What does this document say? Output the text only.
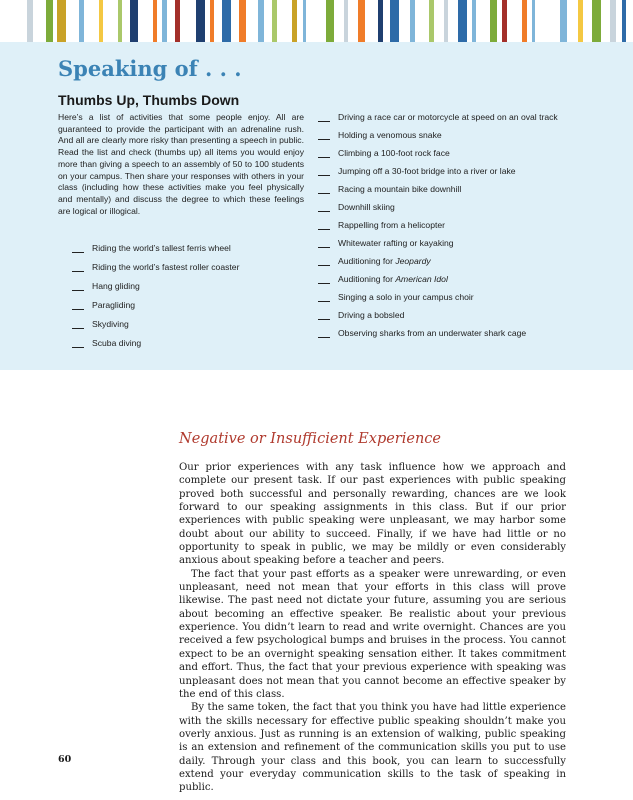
Speaking of . . .
Thumbs Up, Thumbs Down

Here’s a list of activities that some people enjoy. All are guaranteed to provide the participant with an adrenaline rush. And all are clearly more risky than presenting a speech in public. Read the list and check (thumbs up) all items you would enjoy more than giving a speech to an assembly of 50 to 100 students on your campus. Then share your responses with others in your class (including how these activities make you feel physically and mentally) and discuss the degree to which these feelings are logical or illogical.

Riding the world’s tallest ferris wheel
Riding the world’s fastest roller coaster
Hang gliding
Paragliding
Skydiving
Scuba diving
Driving a race car or motorcycle at speed on an oval track
Holding a venomous snake
Climbing a 100-foot rock face
Jumping off a 30-foot bridge into a river or lake
Racing a mountain bike downhill
Downhill skiing
Rappelling from a helicopter
Whitewater rafting or kayaking
Auditioning for Jeopardy
Auditioning for American Idol
Singing a solo in your campus choir
Driving a bobsled
Observing sharks from an underwater shark cage
Negative or Insufficient Experience

Our prior experiences with any task influence how we approach and complete our present task. If our past experiences with public speaking proved both successful and personally rewarding, chances are we look forward to our speaking assignments in this class. But if our prior experiences with public speaking were unpleasant, we may harbor some doubt about our ability to succeed. Finally, if we have had little or no opportunity to speak in public, we may be mildly or even considerably anxious about speaking before a teacher and peers.

The fact that your past efforts as a speaker were unrewarding, or even unpleasant, need not mean that your efforts in this class will prove likewise. The past need not dictate your future, assuming you are serious about becoming an effective speaker. Be realistic about your previous experience. You didn’t learn to read and write overnight. Chances are you received a few psychological bumps and bruises in the process. You cannot expect to be an overnight speaking sensation either. It takes commitment and effort. Thus, the fact that your previous experience with speaking was unpleasant does not mean that you cannot become an effective speaker by the end of this class.

By the same token, the fact that you think you have had little experience with the skills necessary for effective public speaking shouldn’t make you overly anxious. Just as running is an extension of walking, public speaking is an extension and refinement of the communication skills you put to use daily. Through your class and this book, you can learn to successfully extend your everyday communication skills to the task of speaking in public.

60
